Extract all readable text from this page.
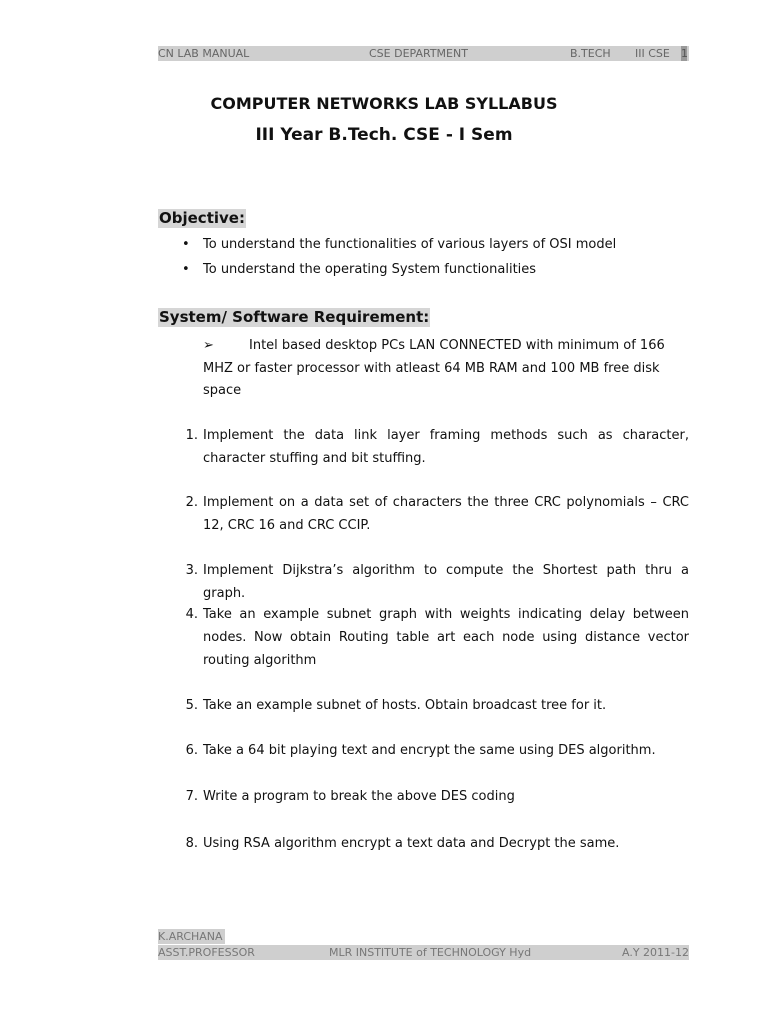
CN LAB MANUAL	CSE DEPARTMENT	B.TECH III CSE 1
COMPUTER NETWORKS LAB SYLLABUS
III Year B.Tech. CSE - I Sem
Objective:
• To understand the functionalities of various layers of OSI model
• To understand the operating System functionalities
System/ Software Requirement:
➢	Intel based desktop PCs LAN CONNECTED with minimum of 166 MHZ or faster processor with atleast 64 MB RAM and 100 MB free disk space
1. Implement the data link layer framing methods such as character, character stuffing and bit stuffing.
2. Implement on a data set of characters the three CRC polynomials – CRC 12, CRC 16 and CRC CCIP.
3. Implement Dijkstra’s algorithm to compute the Shortest path thru a graph.
4. Take an example subnet graph with weights indicating delay between nodes. Now obtain Routing table art each node using distance vector routing algorithm
5. Take an example subnet of hosts. Obtain broadcast tree for it.
6. Take a 64 bit playing text and encrypt the same using DES algorithm.
7. Write a program to break the above DES coding
8. Using RSA algorithm encrypt a text data and Decrypt the same.
K.ARCHANA
ASST.PROFESSOR	MLR INSTITUTE of TECHNOLOGY Hyd	A.Y 2011-12
